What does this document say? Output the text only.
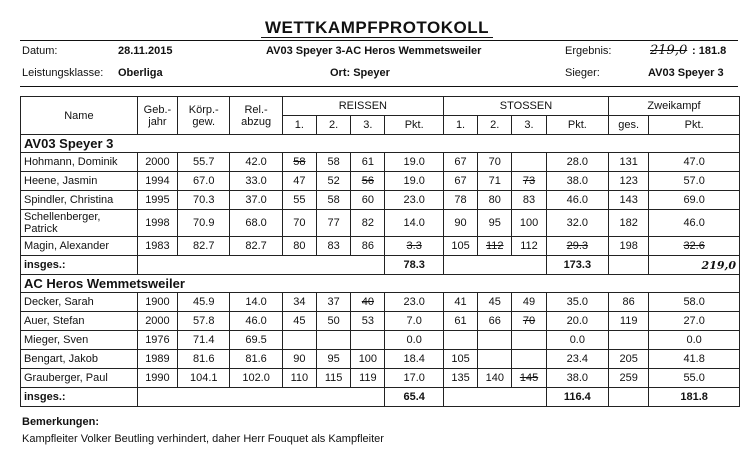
WETTKAMPFPROTOKOLL
Datum:	28.11.2015	AV03 Speyer 3-AC Heros Wemmetsweiler	Ergebnis:	219,0 : 181.8
Leistungsklasse: Oberliga	Ort: Speyer	Sieger:	AV03 Speyer 3
Name	Geb.-jahr	Körp.-gew.	Rel.-abzug	REISSEN				STOSSEN				Zweikampf	
				1.	2.	3.	Pkt.	1.	2.	3.	Pkt.	ges.	Pkt.
AV03 Speyer 3													
Hohmann, Dominik	2000	55.7	42.0	58	58	61	19.0	67	70		28.0	131	47.0
Heene, Jasmin	1994	67.0	33.0	47	52	56	19.0	67	71	73	38.0	123	57.0
Spindler, Christina	1995	70.3	37.0	55	58	60	23.0	78	80	83	46.0	143	69.0
Schellenberger, Patrick	1998	70.9	68.0	70	77	82	14.0	90	95	100	32.0	182	46.0
Magin, Alexander	1983	82.7	82.7	80	83	86	3.3	105	112	112	29.3	198	32.6
insges.:							78.3				173.3		219,0
AC Heros Wemmetsweiler													
Decker, Sarah	1900	45.9	14.0	34	37	40	23.0	41	45	49	35.0	86	58.0
Auer, Stefan	2000	57.8	46.0	45	50	53	7.0	61	66	70	20.0	119	27.0
Mieger, Sven	1976	71.4	69.5				0.0				0.0		0.0
Bengart, Jakob	1989	81.6	81.6	90	95	100	18.4	105			23.4	205	41.8
Grauberger, Paul	1990	104.1	102.0	110	115	119	17.0	135	140	145	38.0	259	55.0
insges.:							65.4				116.4		181.8
Bemerkungen:
Kampfleiter Volker Beutling verhindert, daher Herr Fouquet als Kampfleiter
